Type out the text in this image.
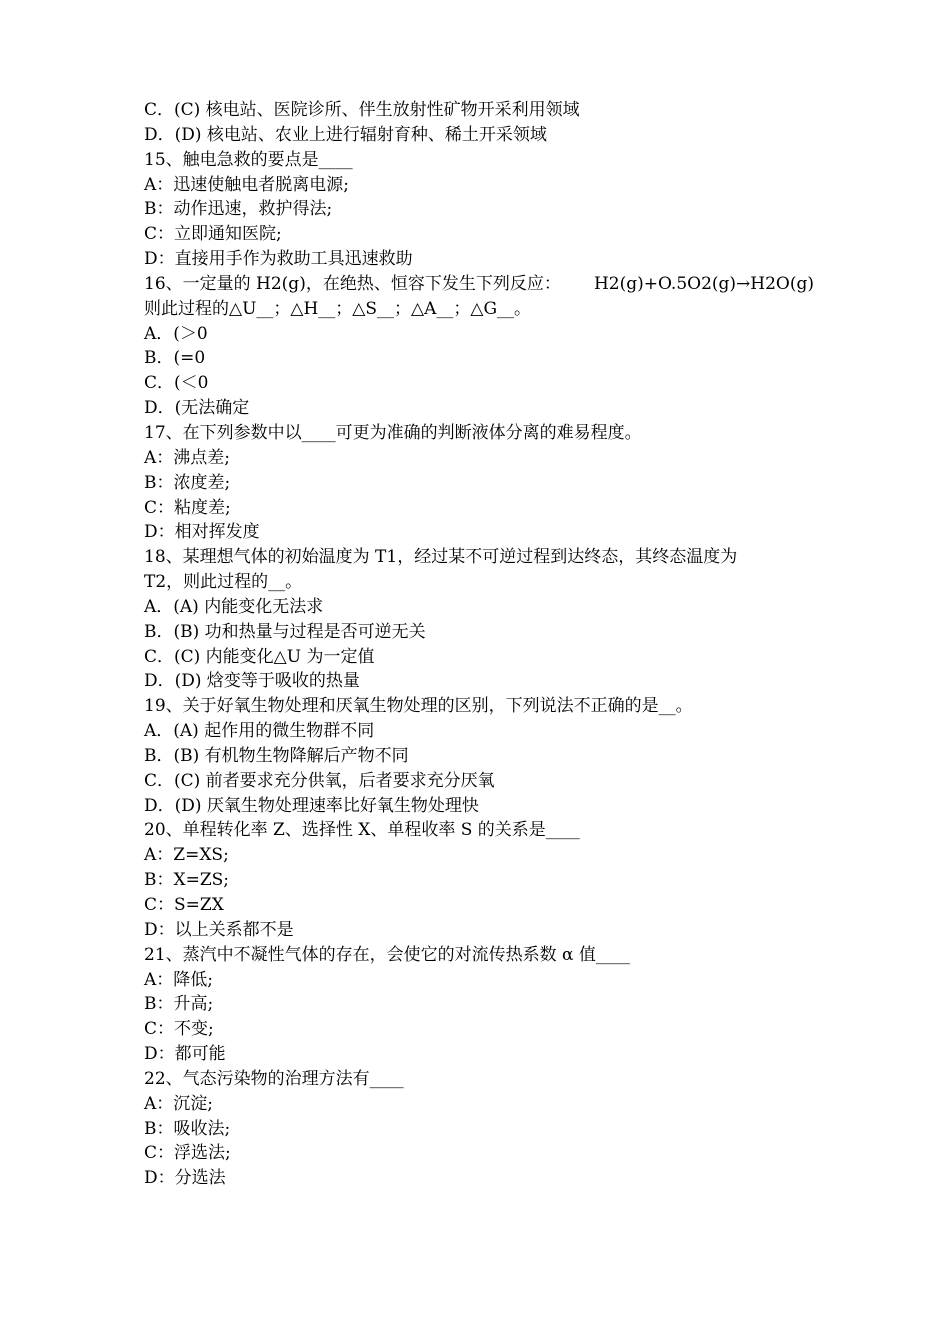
C．(C) 核电站、医院诊所、伴生放射性矿物开采利用领域
D．(D) 核电站、农业上进行辐射育种、稀土开采领域
15、触电急救的要点是____
A：迅速使触电者脱离电源;
B：动作迅速，救护得法;
C：立即通知医院;
D：直接用手作为救助工具迅速救助
16、一定量的 H2(g)，在绝热、恒容下发生下列反应： H2(g)+O.5O2(g)→H2O(g)
则此过程的△U__；△H__；△S__；△A__；△G__。
A．(＞0
B．(=0
C．(＜0
D．(无法确定
17、在下列参数中以____可更为准确的判断液体分离的难易程度。
A：沸点差;
B：浓度差;
C：粘度差;
D：相对挥发度
18、某理想气体的初始温度为 T1，经过某不可逆过程到达终态，其终态温度为
T2，则此过程的__。
A．(A) 内能变化无法求
B．(B) 功和热量与过程是否可逆无关
C．(C) 内能变化△U 为一定值
D．(D) 焓变等于吸收的热量
19、关于好氧生物处理和厌氧生物处理的区别，下列说法不正确的是__。
A．(A) 起作用的微生物群不同
B．(B) 有机物生物降解后产物不同
C．(C) 前者要求充分供氧，后者要求充分厌氧
D．(D) 厌氧生物处理速率比好氧生物处理快
20、单程转化率 Z、选择性 X、单程收率 S 的关系是____
A：Z=XS;
B：X=ZS;
C：S=ZX
D：以上关系都不是
21、蒸汽中不凝性气体的存在，会使它的对流传热系数 α 值____
A：降低;
B：升高;
C：不变;
D：都可能
22、气态污染物的治理方法有____
A：沉淀;
B：吸收法;
C：浮选法;
D：分选法
